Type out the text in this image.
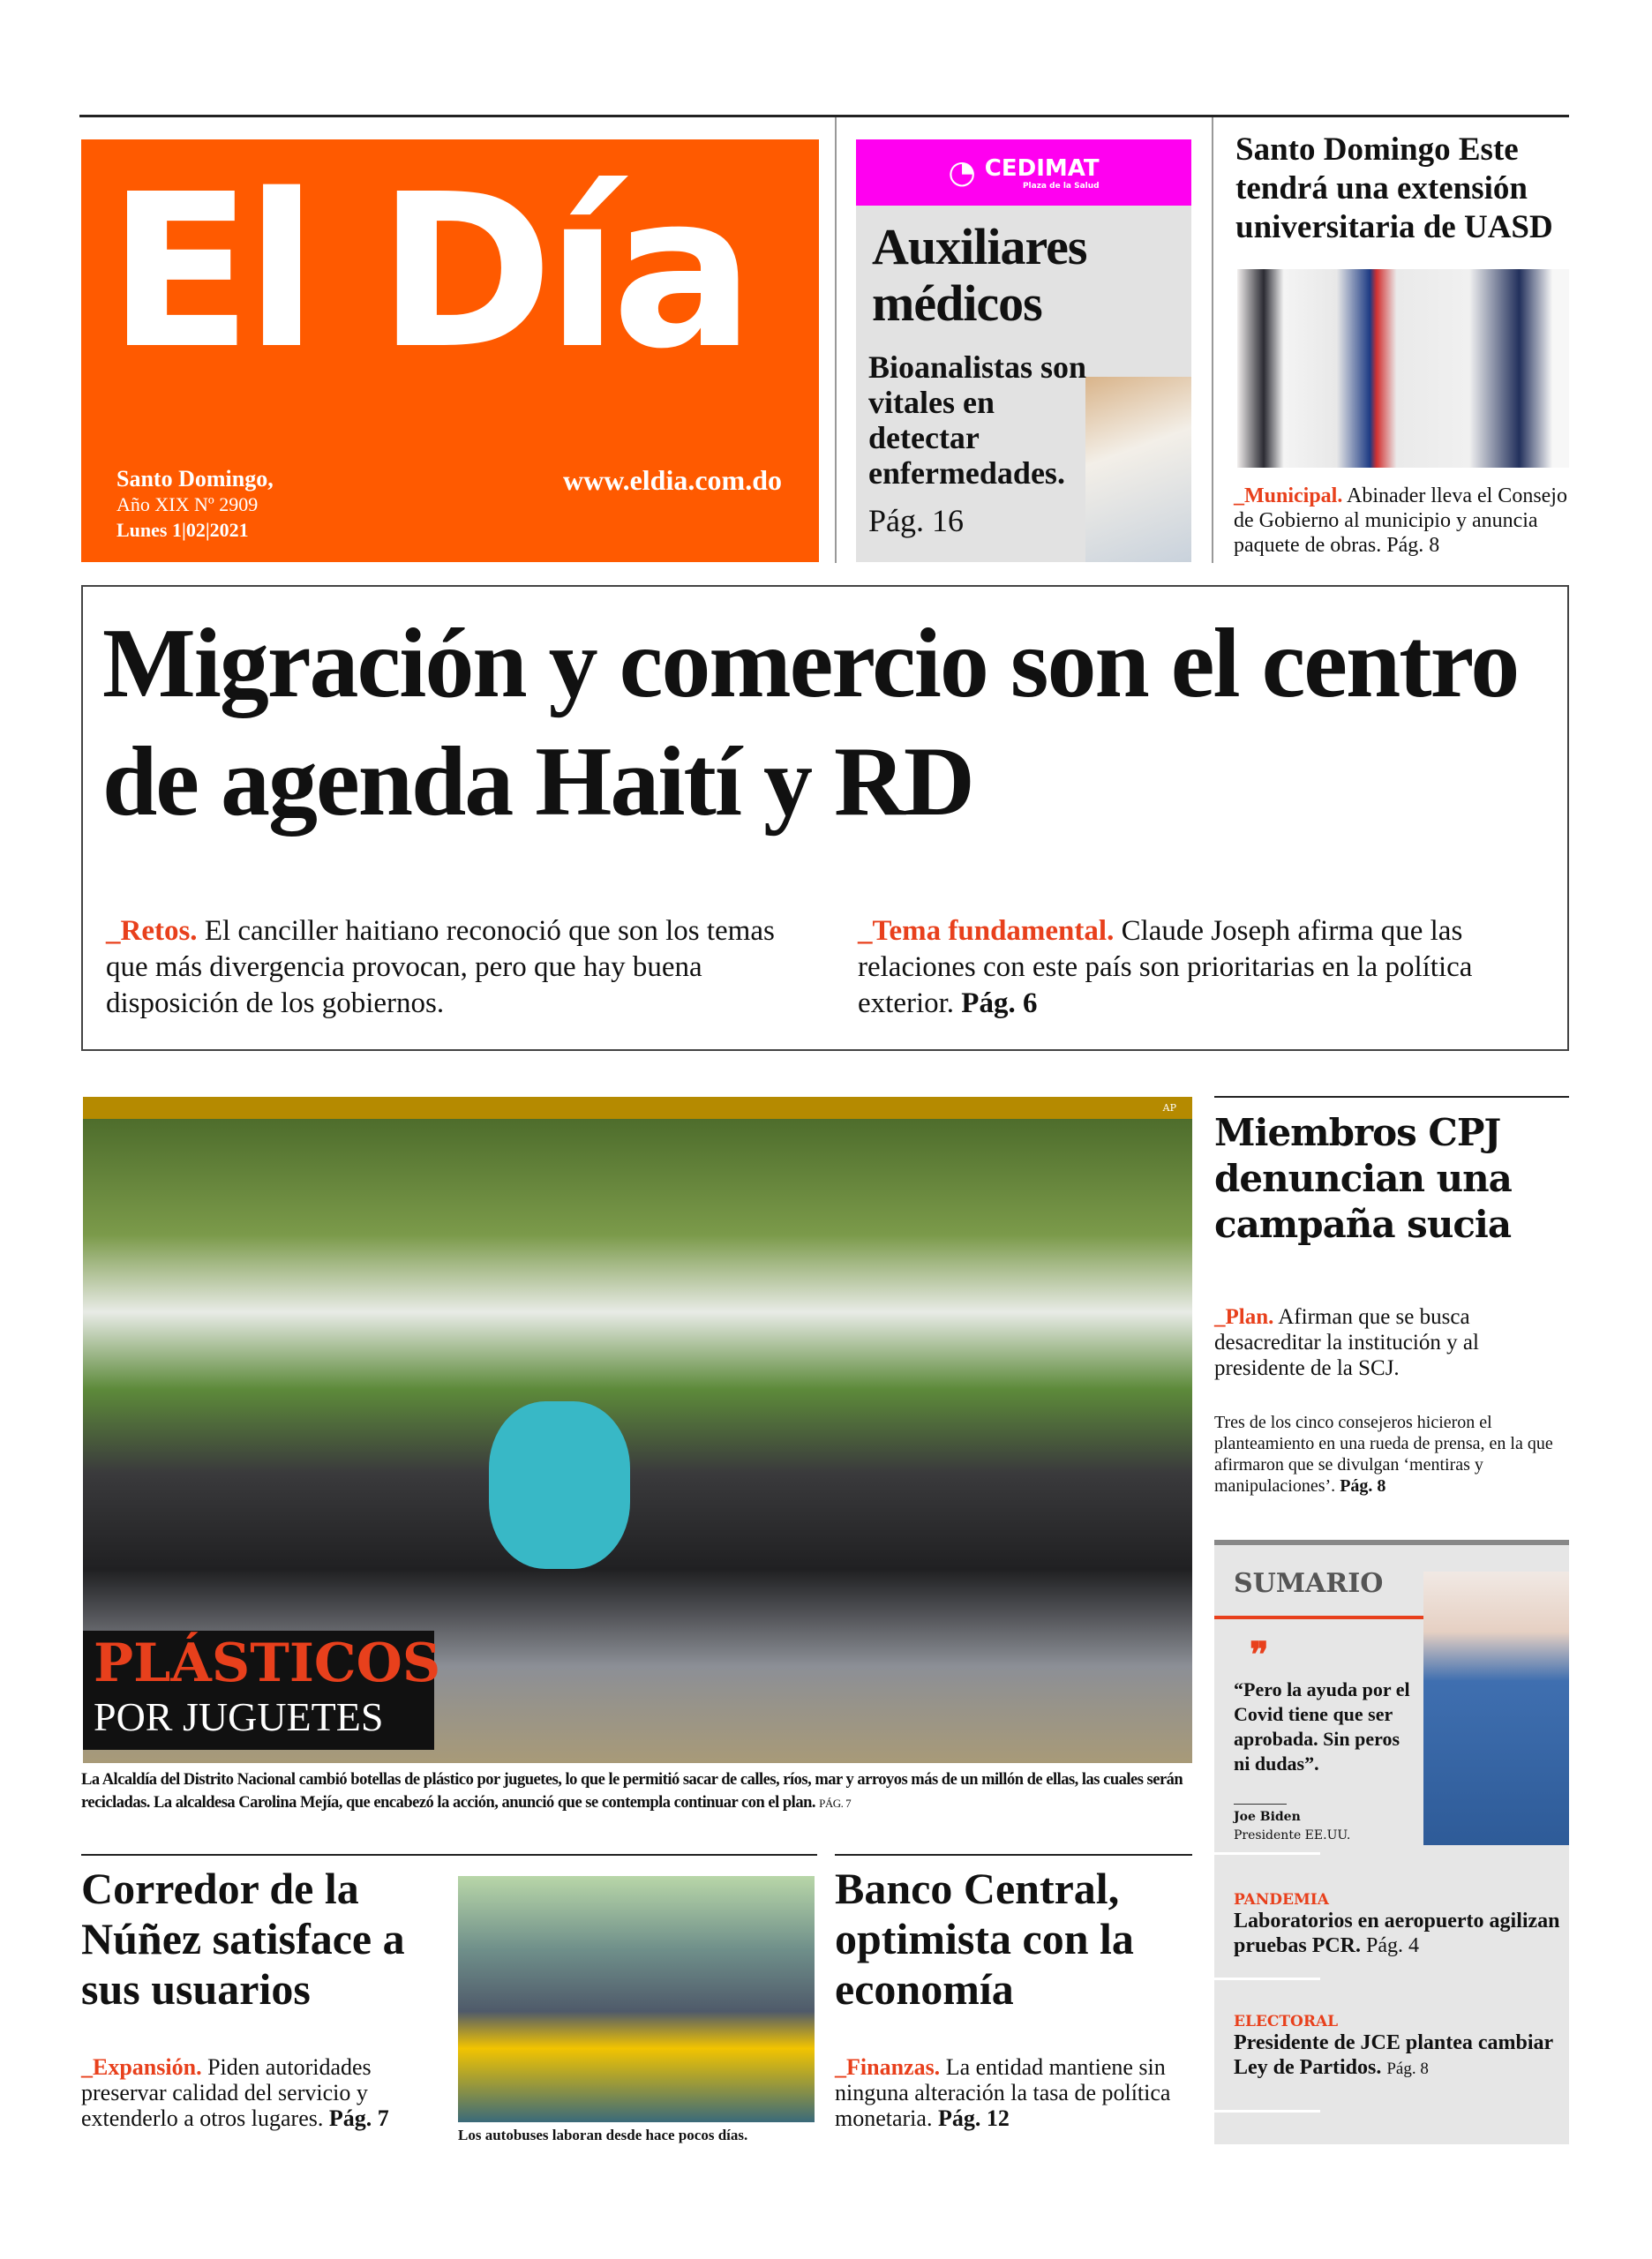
El Día
Santo Domingo,
Año XIX Nº 2909
Lunes 1|02|2021
www.eldia.com.do
◔ CEDIMAT
Plaza de la Salud
Auxiliares médicos
Bioanalistas son vitales en detectar enfermedades.
Pág. 16
Santo Domingo Este tendrá una extensión universitaria de UASD
_ Municipal. Abinader lleva el Consejo de Gobierno al municipio y anuncia paquete de obras. Pág. 8
Migración y comercio son el centro de agenda Haití y RD
_ Retos. El canciller haitiano reconoció que son los temas que más divergencia provocan, pero que hay buena disposición de los gobiernos.
_ Tema fundamental. Claude Joseph afirma que las relaciones con este país son prioritarias en la política exterior. Pág. 6
AP
PLÁSTICOS
POR JUGUETES
La Alcaldía del Distrito Nacional cambió botellas de plástico por juguetes, lo que le permitió sacar de calles, ríos, mar y arroyos más de un millón de ellas, las cuales serán recicladas. La alcaldesa Carolina Mejía, que encabezó la acción, anunció que se contempla continuar con el plan. PÁG. 7
Miembros CPJ denuncian una campaña sucia
_ Plan. Afirman que se busca desacreditar la institución y al presidente de la SCJ.
Tres de los cinco consejeros hicieron el planteamiento en una rueda de prensa, en la que afirmaron que se divulgan ‘mentiras y manipulaciones’. Pág. 8
SUMARIO
❞
“Pero la ayuda por el Covid tiene que ser aprobada. Sin peros ni dudas”.
Joe Biden
Presidente EE.UU.
PANDEMIA
Laboratorios en aeropuerto agilizan pruebas PCR. Pág. 4
ELECTORAL
Presidente de JCE plantea cambiar Ley de Partidos. Pág. 8
Corredor de la Núñez satisface a sus usuarios
_ Expansión. Piden autoridades preservar calidad del servicio y extenderlo a otros lugares. Pág. 7
Los autobuses laboran desde hace pocos días.
Banco Central, optimista con la economía
_ Finanzas. La entidad mantiene sin ninguna alteración la tasa de política monetaria. Pág. 12
